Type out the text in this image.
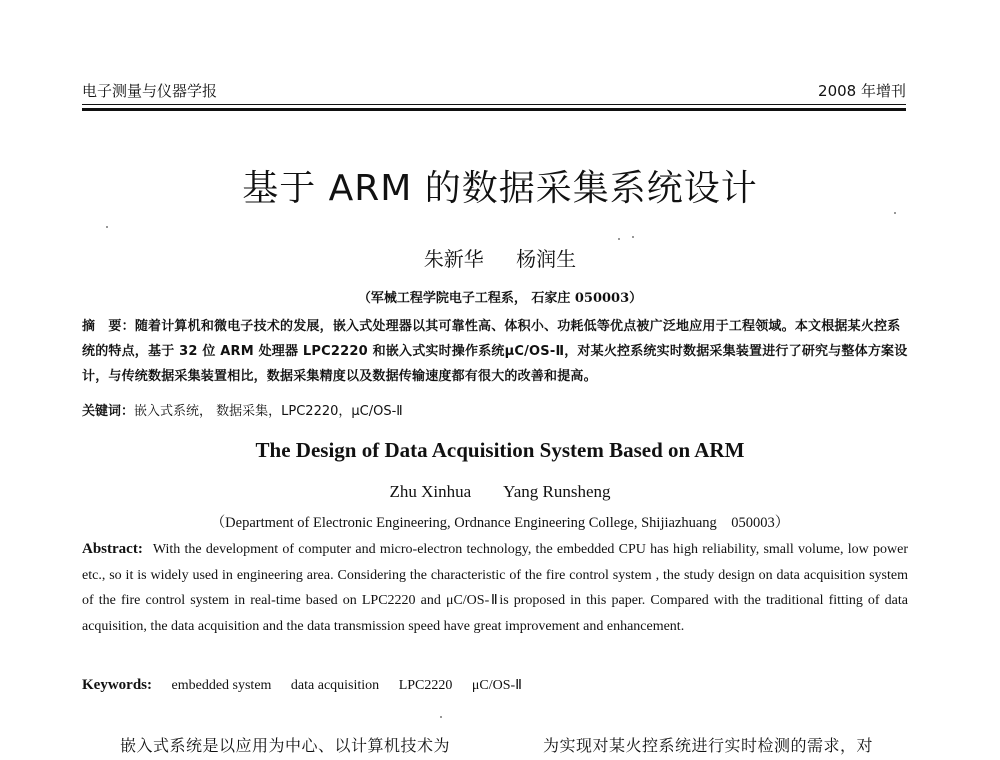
电子测量与仪器学报	2008 年增刊
基于 ARM 的数据采集系统设计
朱新华 杨润生
（军械工程学院电子工程系， 石家庄 050003）
摘　要：随着计算机和微电子技术的发展，嵌入式处理器以其可靠性高、体积小、功耗低等优点被广泛地应用于工程领域。本文根据某火控系统的特点，基于 32 位 ARM 处理器 LPC2220 和嵌入式实时操作系统μC/OS-Ⅱ，对某火控系统实时数据采集装置进行了研究与整体方案设计，与传统数据采集装置相比，数据采集精度以及数据传输速度都有很大的改善和提高。
关键词：嵌入式系统， 数据采集，LPC2220，μC/OS-Ⅱ
The Design of Data Acquisition System Based on ARM
Zhu Xinhua Yang Runsheng
（Department of Electronic Engineering, Ordnance Engineering College, Shijiazhuang　050003）
Abstract: With the development of computer and micro-electron technology, the embedded CPU has high reliability, small volume, low power etc., so it is widely used in engineering area. Considering the characteristic of the fire control system , the study design on data acquisition system of the fire control system in real-time based on LPC2220 and μC/OS-Ⅱis proposed in this paper. Compared with the traditional fitting of data acquisition, the data acquisition and the data transmission speed have great improvement and enhancement.
Keywords: embedded system data acquisition LPC2220 μC/OS-Ⅱ
嵌入式系统是以应用为中心、以计算机技术为	为实现对某火控系统进行实时检测的需求，对
